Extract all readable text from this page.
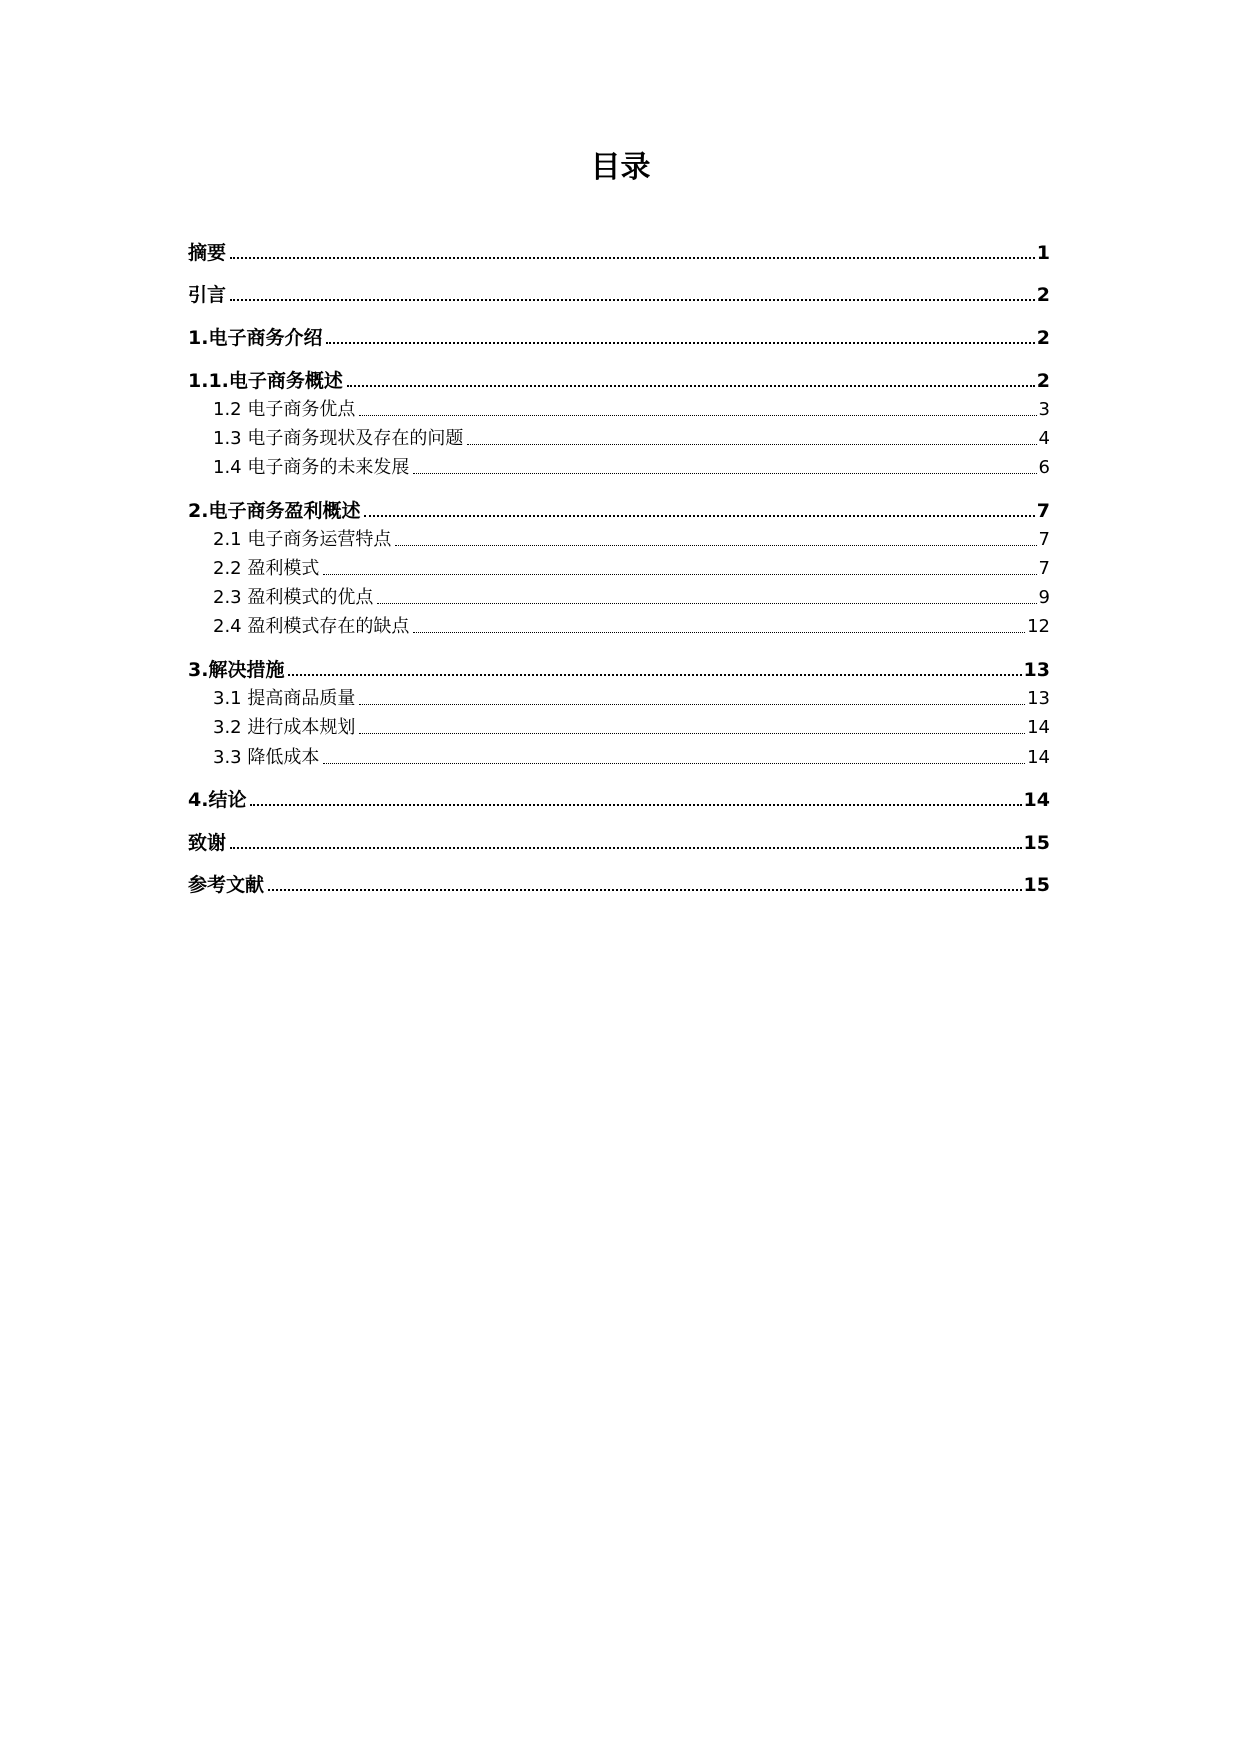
目录
摘要	1
引言	2
1.电子商务介绍	2
1.1.电子商务概述	2
1.2 电子商务优点	3
1.3 电子商务现状及存在的问题	4
1.4 电子商务的未来发展	6
2.电子商务盈利概述	7
2.1 电子商务运营特点	7
2.2 盈利模式	7
2.3 盈利模式的优点	9
2.4 盈利模式存在的缺点	12
3.解决措施	13
3.1 提高商品质量	13
3.2 进行成本规划	14
3.3 降低成本	14
4.结论	14
致谢	15
参考文献	15
